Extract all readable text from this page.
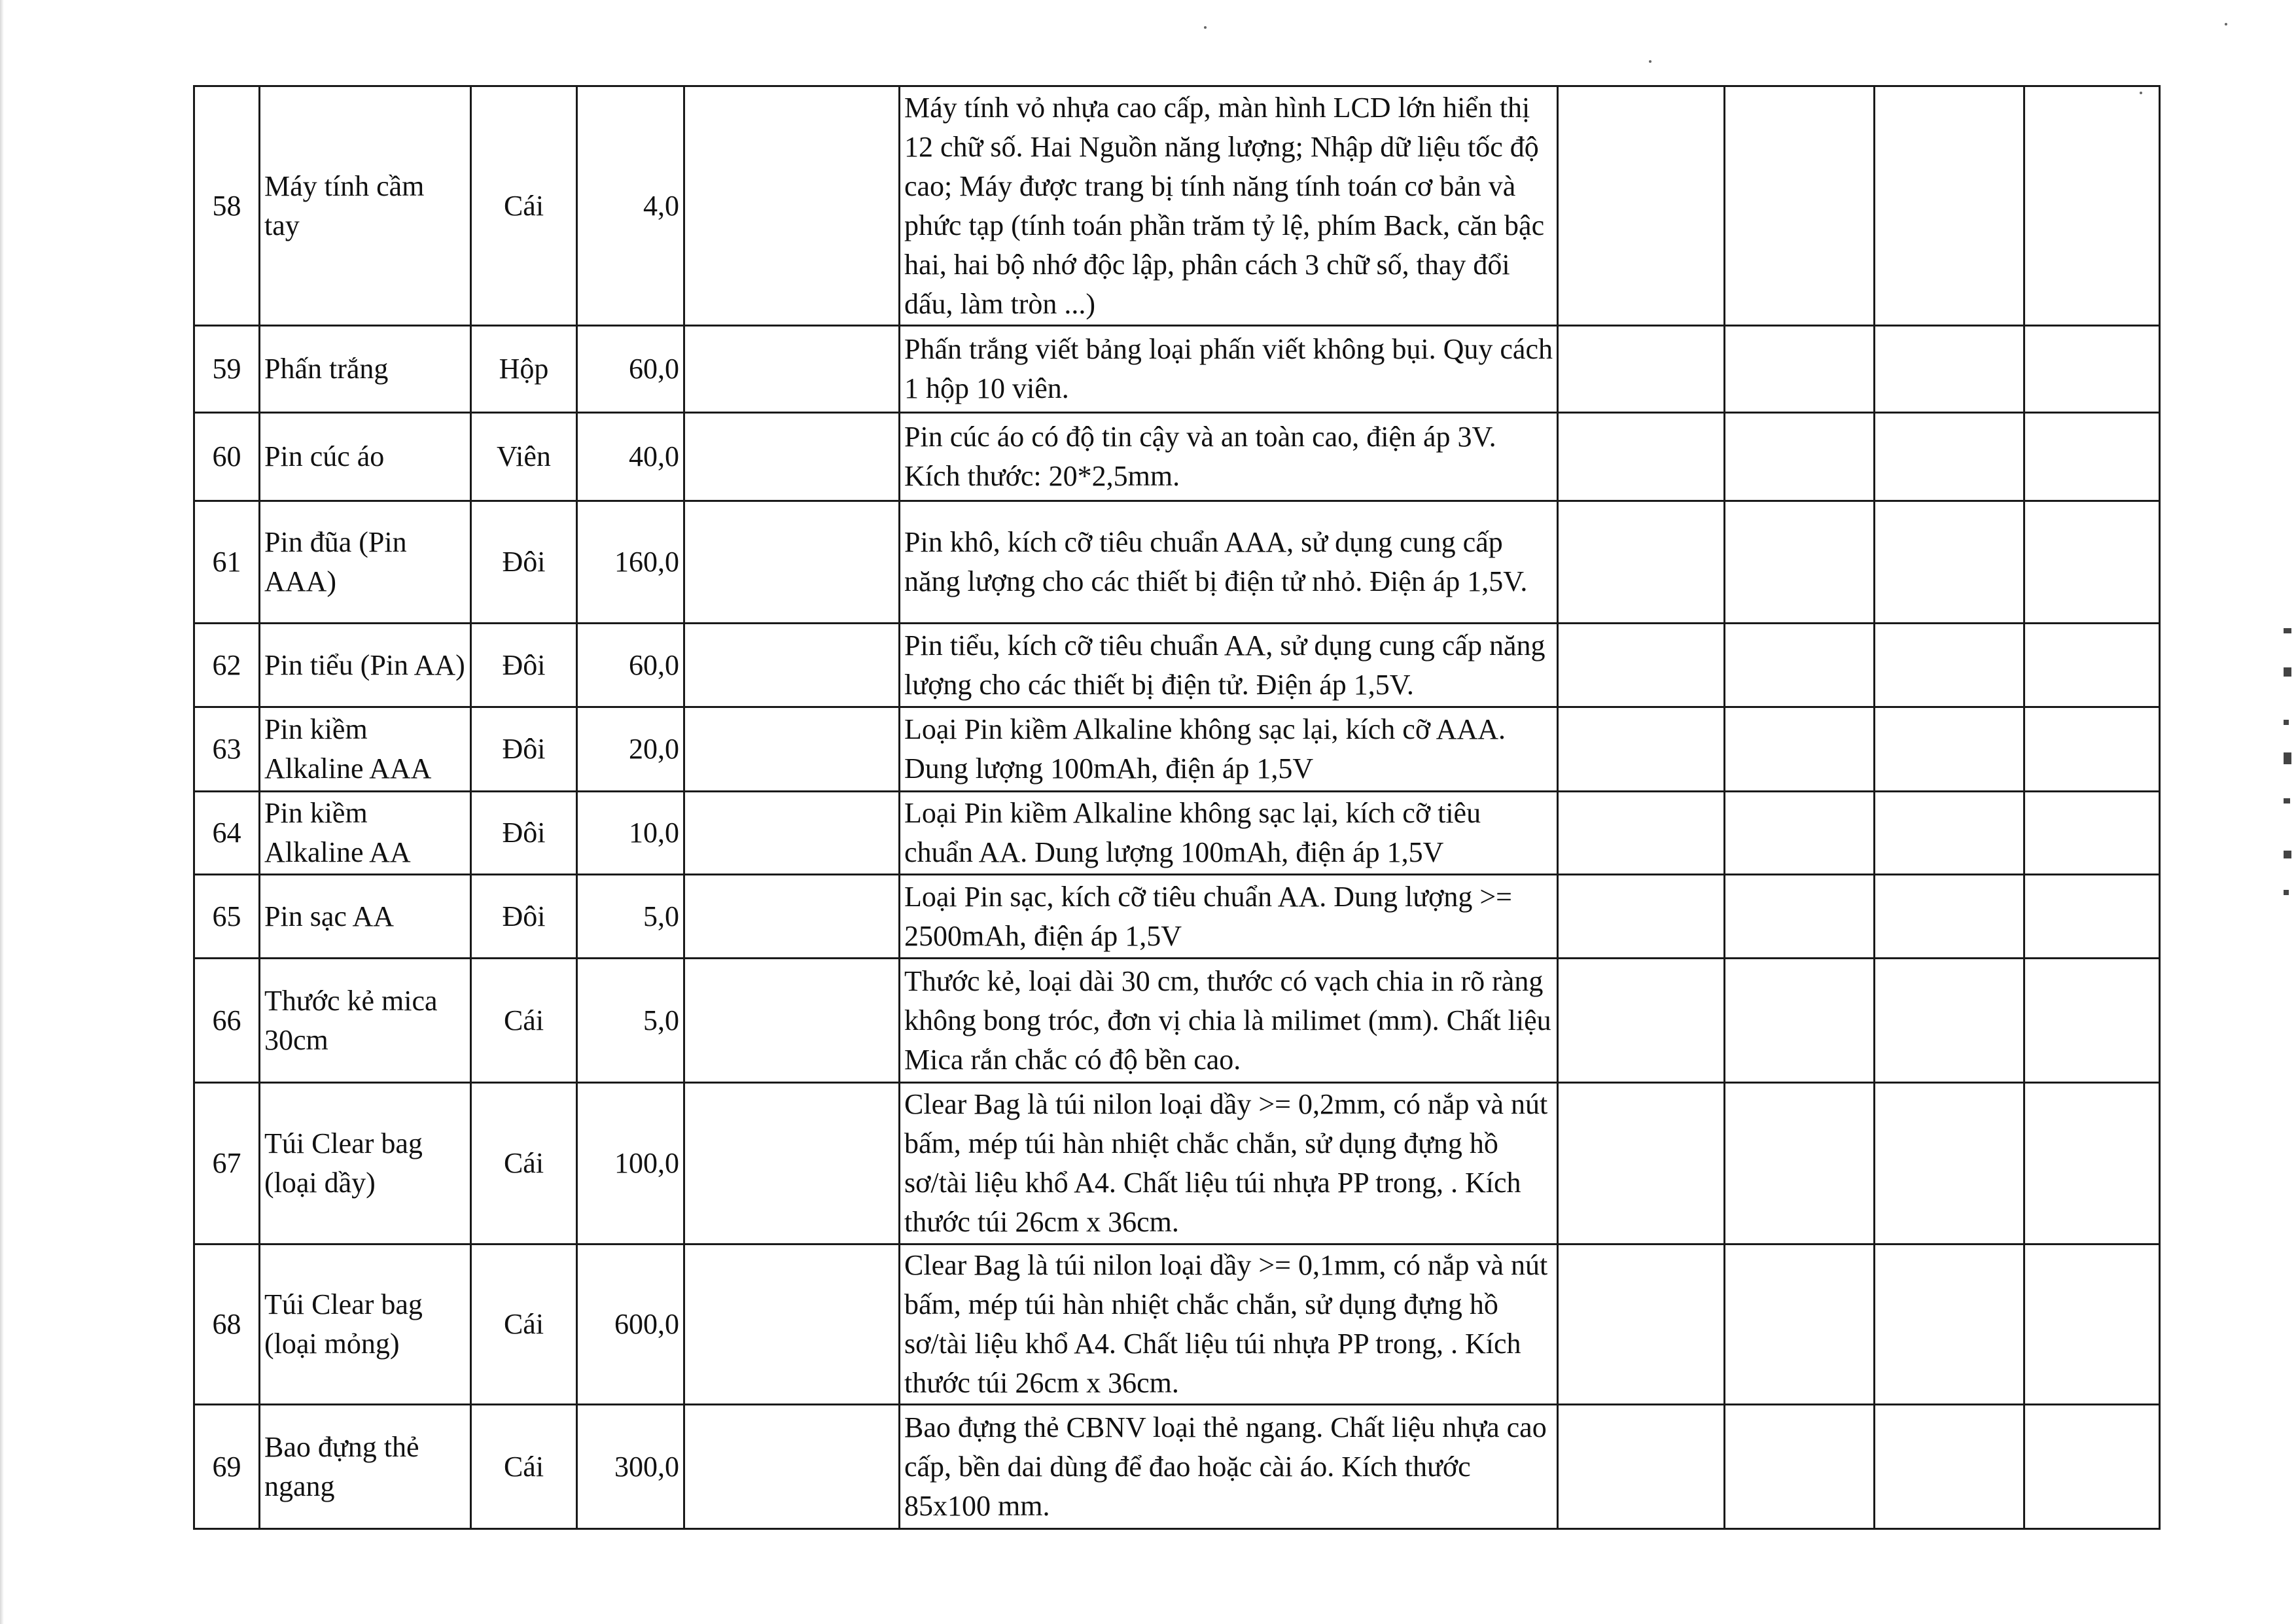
58	Máy tính cầm tay	Cái	4,0		Máy tính vỏ nhựa cao cấp, màn hình LCD lớn hiển thị 12 chữ số. Hai Nguồn năng lượng; Nhập dữ liệu tốc độ cao; Máy được trang bị tính năng tính toán cơ bản và phức tạp (tính toán phần trăm tỷ lệ, phím Back, căn bậc hai, hai bộ nhớ độc lập, phân cách 3 chữ số, thay đổi dấu, làm tròn ...)				
59	Phấn trắng	Hộp	60,0		Phấn trắng viết bảng loại phấn viết không bụi. Quy cách 1 hộp 10 viên.				
60	Pin cúc áo	Viên	40,0		Pin cúc áo có độ tin cậy và an toàn cao, điện áp 3V. Kích thước: 20*2,5mm.				
61	Pin đũa (Pin AAA)	Đôi	160,0		Pin khô, kích cỡ tiêu chuẩn AAA, sử dụng cung cấp năng lượng cho các thiết bị điện tử nhỏ. Điện áp 1,5V.				
62	Pin tiểu (Pin AA)	Đôi	60,0		Pin tiểu, kích cỡ tiêu chuẩn AA, sử dụng cung cấp năng lượng cho các thiết bị điện tử. Điện áp 1,5V.				
63	Pin kiềm Alkaline AAA	Đôi	20,0		Loại Pin kiềm Alkaline không sạc lại, kích cỡ AAA. Dung lượng 100mAh, điện áp 1,5V				
64	Pin kiềm Alkaline AA	Đôi	10,0		Loại Pin kiềm Alkaline không sạc lại, kích cỡ tiêu chuẩn AA. Dung lượng 100mAh, điện áp 1,5V				
65	Pin sạc AA	Đôi	5,0		Loại Pin sạc, kích cỡ tiêu chuẩn AA. Dung lượng >= 2500mAh, điện áp 1,5V				
66	Thước kẻ mica 30cm	Cái	5,0		Thước kẻ, loại dài 30 cm, thước có vạch chia in rõ ràng không bong tróc, đơn vị chia là milimet (mm). Chất liệu Mica rắn chắc có độ bền cao.				
67	Túi Clear bag (loại dầy)	Cái	100,0		Clear Bag là túi nilon loại dầy >= 0,2mm, có nắp và nút bấm, mép túi hàn nhiệt chắc chắn, sử dụng đựng hồ sơ/tài liệu khổ A4. Chất liệu túi nhựa PP trong, . Kích thước túi 26cm x 36cm.				
68	Túi Clear bag (loại mỏng)	Cái	600,0		Clear Bag là túi nilon loại dầy >= 0,1mm, có nắp và nút bấm, mép túi hàn nhiệt chắc chắn, sử dụng đựng hồ sơ/tài liệu khổ A4. Chất liệu túi nhựa PP trong, . Kích thước túi 26cm x 36cm.				
69	Bao đựng thẻ ngang	Cái	300,0		Bao đựng thẻ CBNV loại thẻ ngang. Chất liệu nhựa cao cấp, bền dai dùng để đao hoặc cài áo. Kích thước 85x100 mm.				
